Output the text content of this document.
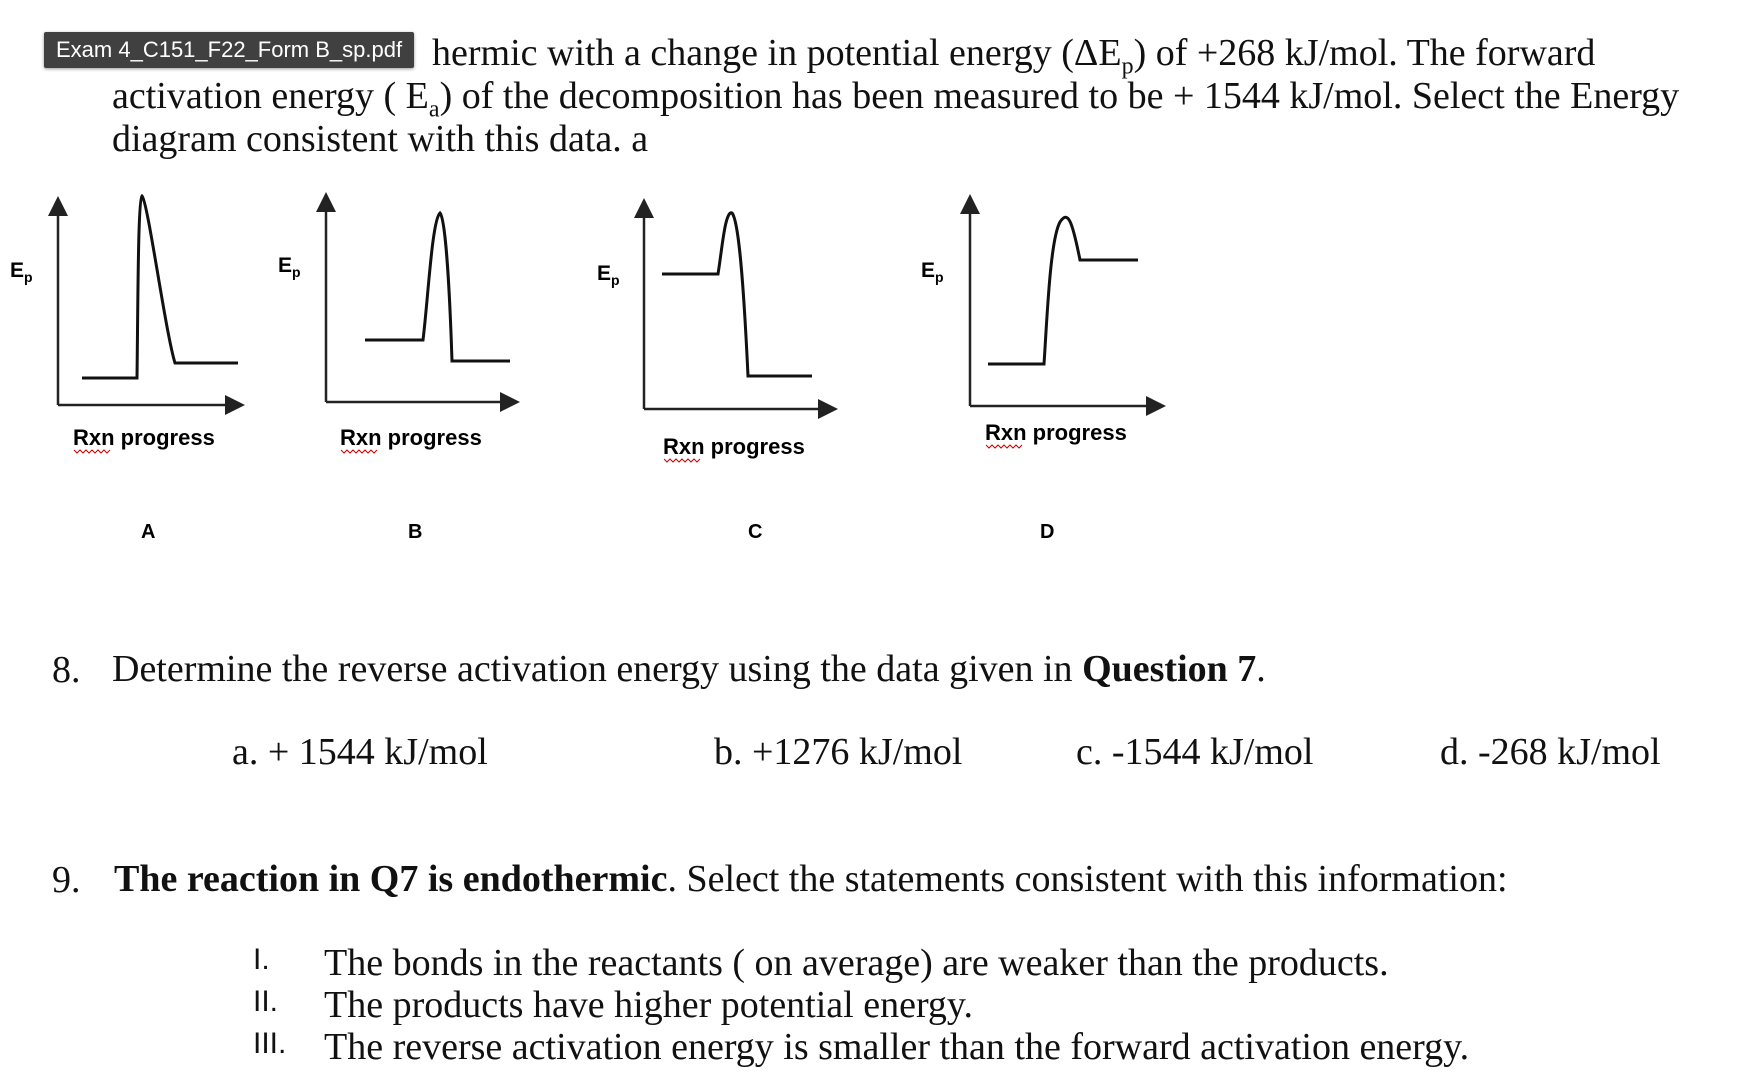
hermic with a change in potential energy $(\Delta E_p)$ of +268 kJ/mol. The forward
activation energy ( $E_a$) of the decomposition has been measured to be + 1544 kJ/mol. Select the Energy
diagram consistent with this data. a
Exam 4_C151_F22_Form B_sp.pdf
$E_p$
Rxn progress
A
$E_p$
Rxn progress
B
$E_p$
Rxn progress
C
$E_p$
Rxn progress
D
8. Determine the reverse activation energy using the data given in Question 7.
a. + 1544 kJ/mol	b. +1276 kJ/mol	c. -1544 kJ/mol	d. -268 kJ/mol
9. The reaction in Q7 is endothermic. Select the statements consistent with this information:
I. The bonds in the reactants ( on average) are weaker than the products.
II. The products have higher potential energy.
III. The reverse activation energy is smaller than the forward activation energy.
